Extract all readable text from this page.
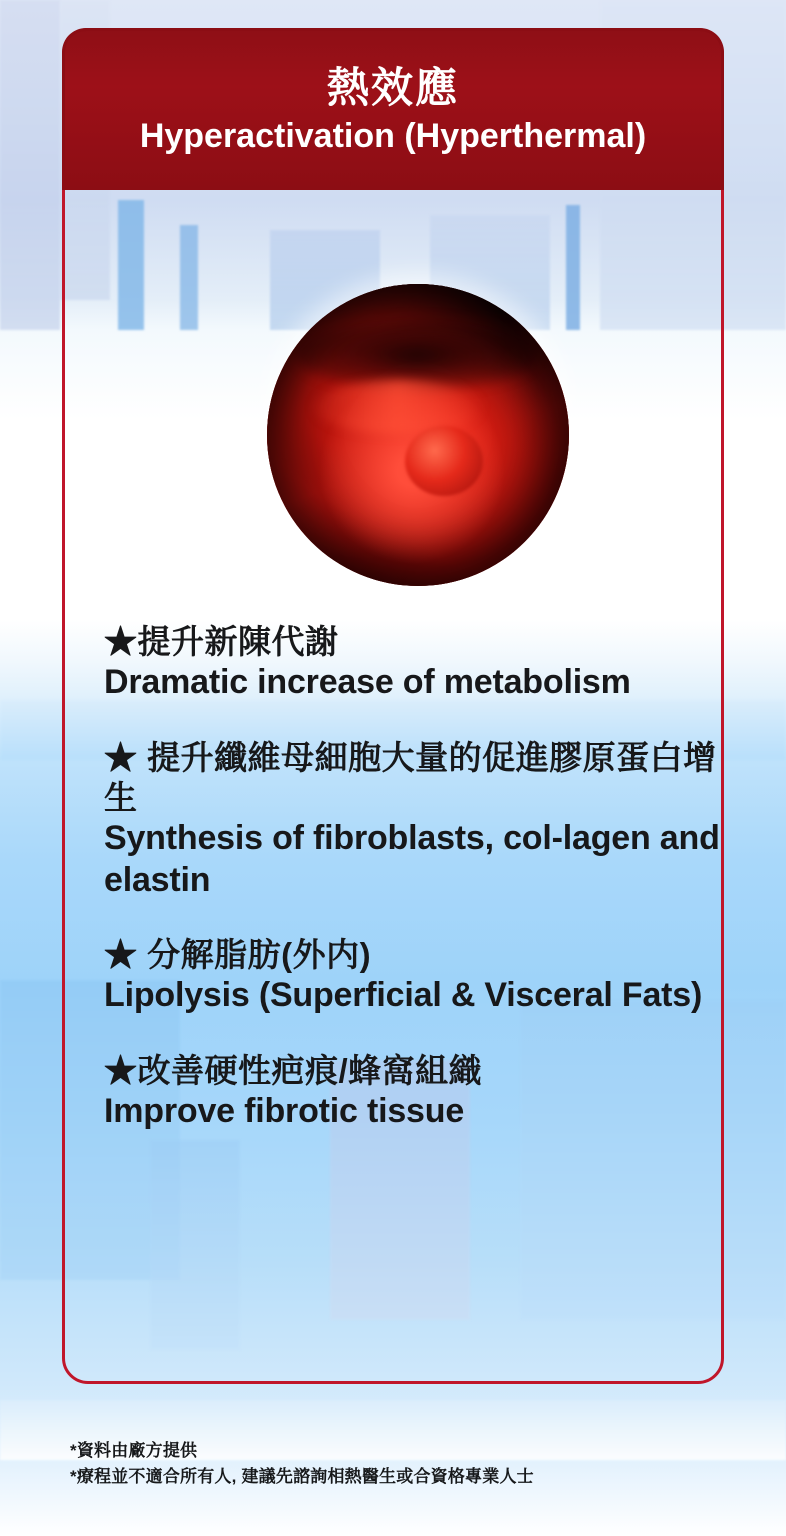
熱效應
Hyperactivation (Hyperthermal)
★提升新陳代謝
Dramatic increase of metabolism
★ 提升纖維母細胞大量的促進膠原蛋白增生
Synthesis of fibroblasts, col-lagen and elastin
★ 分解脂肪(外内)
Lipolysis (Superficial & Visceral Fats)
★改善硬性疤痕/蜂窩組織
Improve fibrotic tissue
*資料由廠方提供
*療程並不適合所有人, 建議先諮詢相熱醫生或合資格專業人士
